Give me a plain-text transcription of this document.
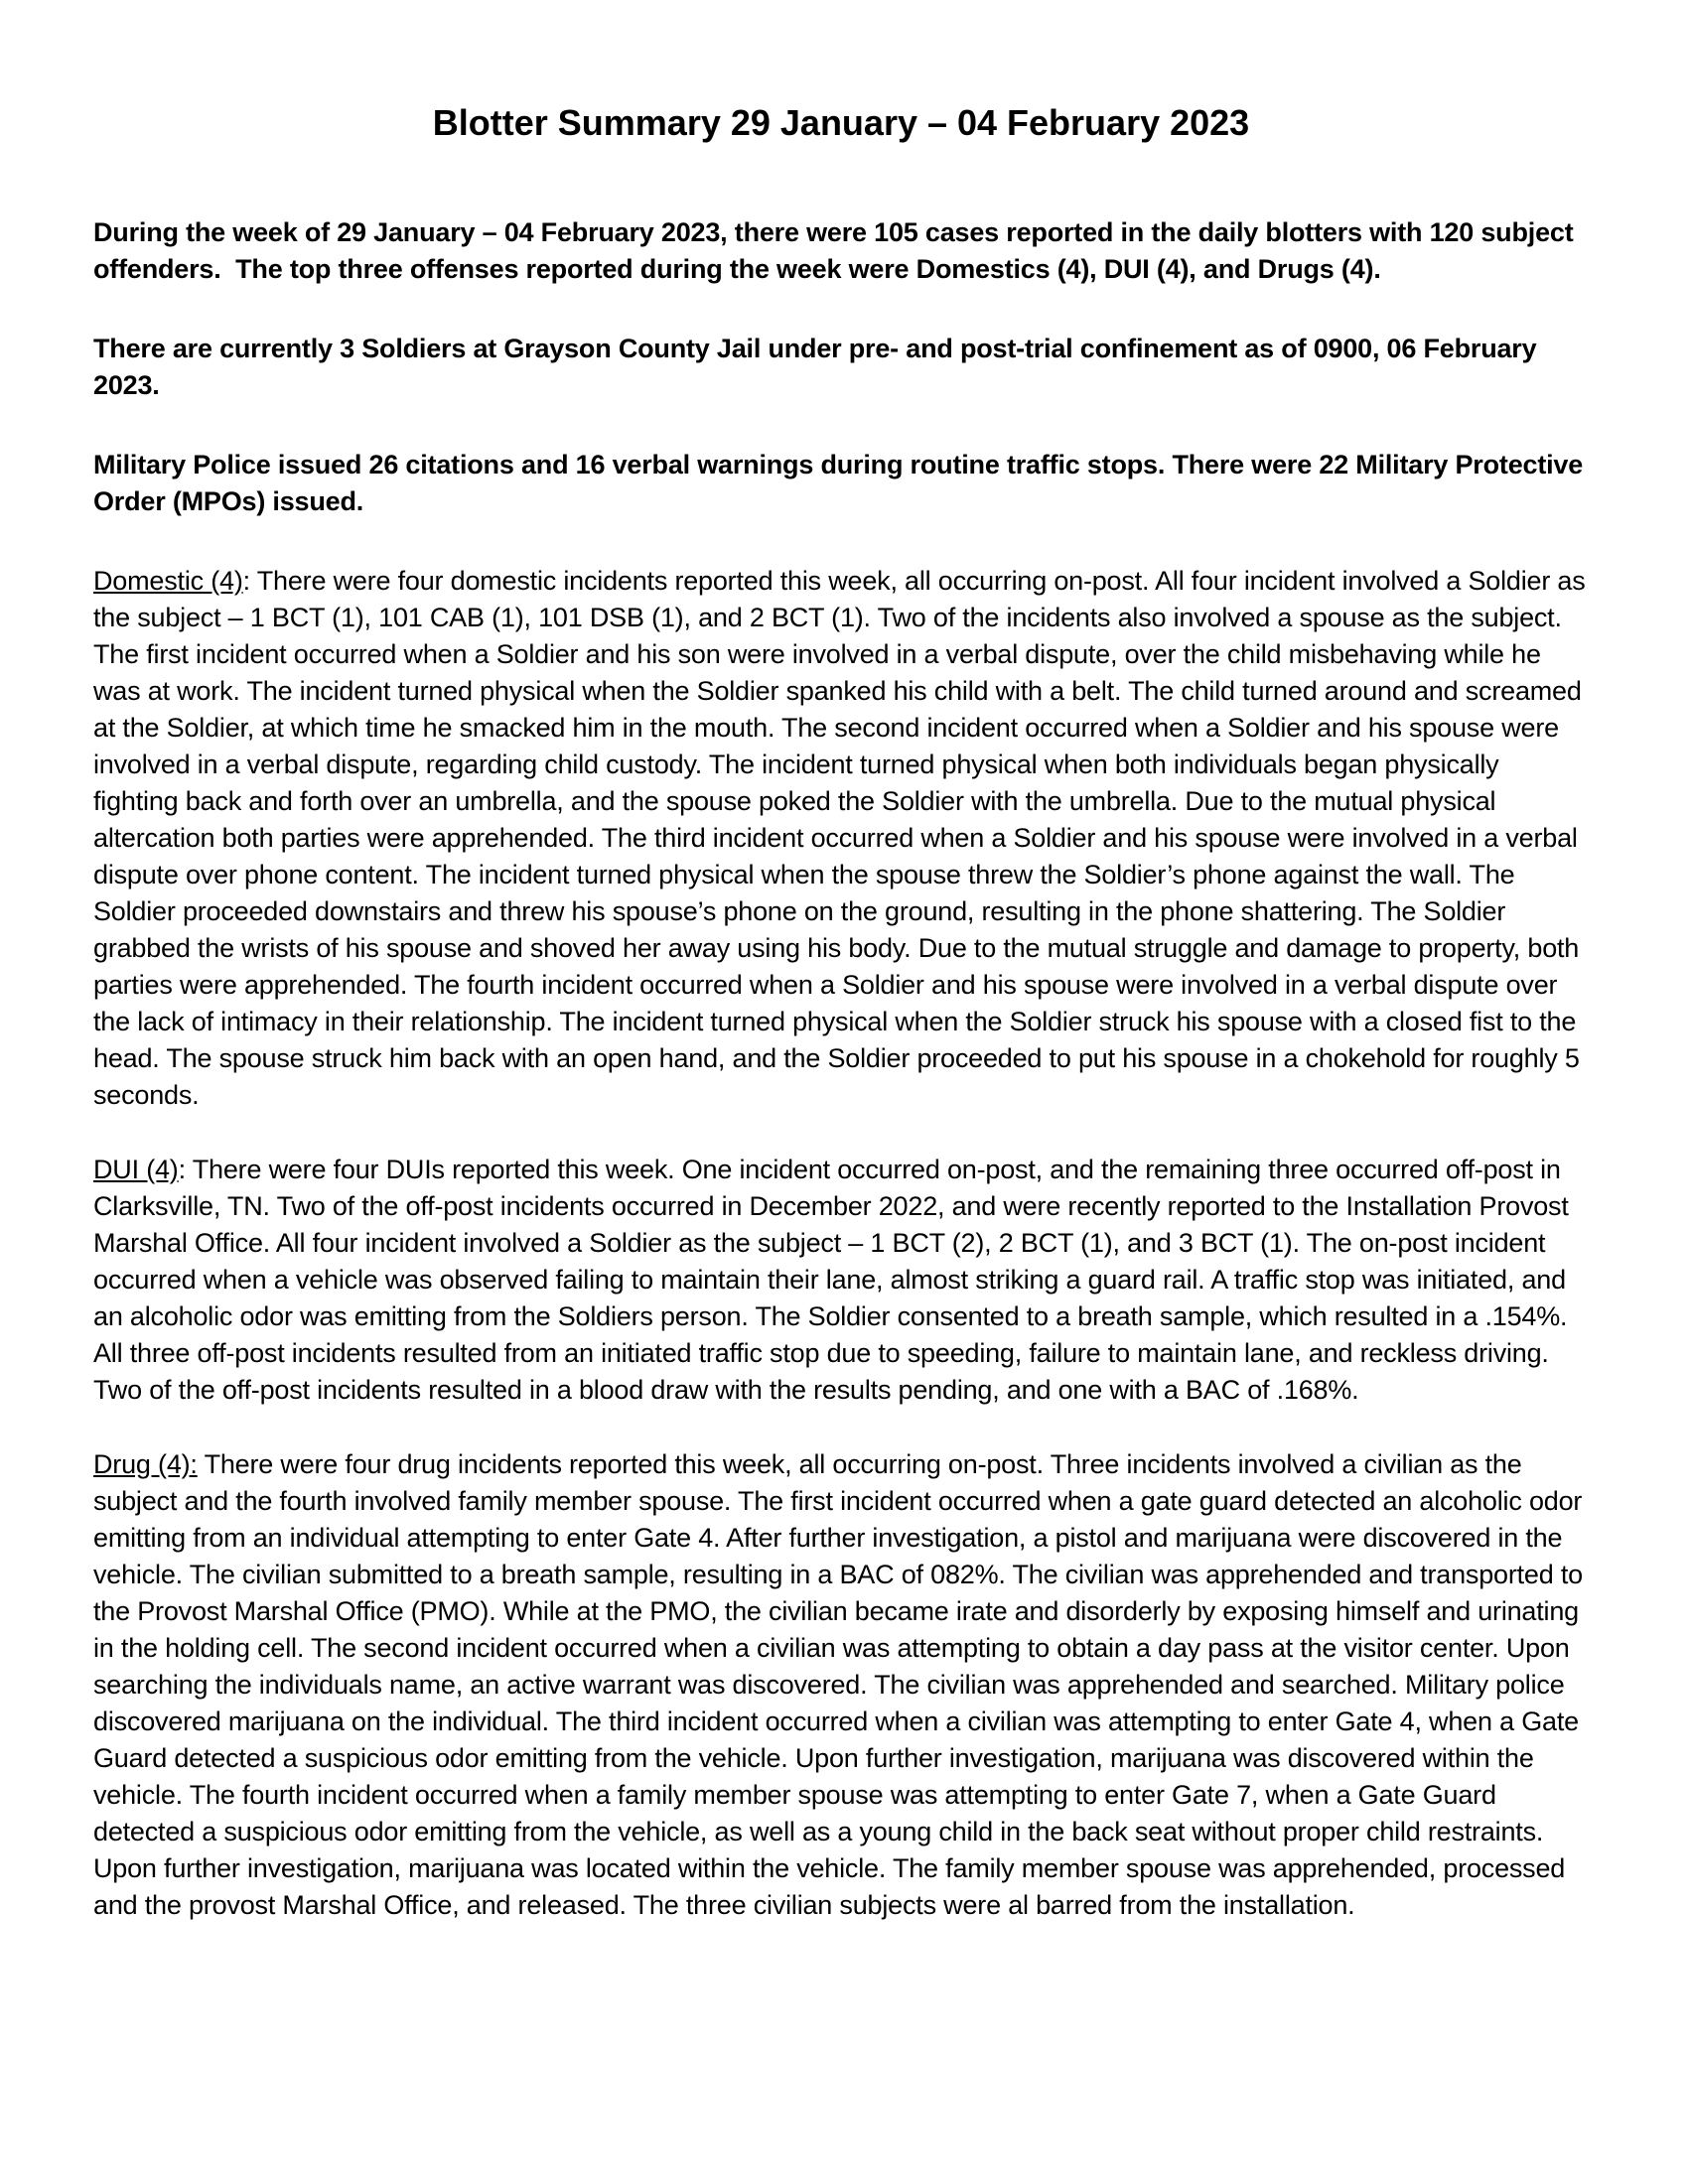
Blotter Summary 29 January – 04 February 2023

During the week of 29 January – 04 February 2023, there were 105 cases reported in the daily blotters with 120 subject offenders.  The top three offenses reported during the week were Domestics (4), DUI (4), and Drugs (4).

There are currently 3 Soldiers at Grayson County Jail under pre- and post-trial confinement as of 0900, 06 February 2023.

Military Police issued 26 citations and 16 verbal warnings during routine traffic stops. There were 22 Military Protective Order (MPOs) issued.

Domestic (4): There were four domestic incidents reported this week, all occurring on-post. All four incident involved a Soldier as the subject – 1 BCT (1), 101 CAB (1), 101 DSB (1), and 2 BCT (1). Two of the incidents also involved a spouse as the subject. The first incident occurred when a Soldier and his son were involved in a verbal dispute, over the child misbehaving while he was at work. The incident turned physical when the Soldier spanked his child with a belt. The child turned around and screamed at the Soldier, at which time he smacked him in the mouth. The second incident occurred when a Soldier and his spouse were involved in a verbal dispute, regarding child custody. The incident turned physical when both individuals began physically fighting back and forth over an umbrella, and the spouse poked the Soldier with the umbrella. Due to the mutual physical altercation both parties were apprehended. The third incident occurred when a Soldier and his spouse were involved in a verbal dispute over phone content. The incident turned physical when the spouse threw the Soldier’s phone against the wall. The Soldier proceeded downstairs and threw his spouse’s phone on the ground, resulting in the phone shattering. The Soldier grabbed the wrists of his spouse and shoved her away using his body. Due to the mutual struggle and damage to property, both parties were apprehended. The fourth incident occurred when a Soldier and his spouse were involved in a verbal dispute over the lack of intimacy in their relationship. The incident turned physical when the Soldier struck his spouse with a closed fist to the head. The spouse struck him back with an open hand, and the Soldier proceeded to put his spouse in a chokehold for roughly 5 seconds.

DUI (4): There were four DUIs reported this week. One incident occurred on-post, and the remaining three occurred off-post in Clarksville, TN. Two of the off-post incidents occurred in December 2022, and were recently reported to the Installation Provost Marshal Office. All four incident involved a Soldier as the subject – 1 BCT (2), 2 BCT (1), and 3 BCT (1). The on-post incident occurred when a vehicle was observed failing to maintain their lane, almost striking a guard rail. A traffic stop was initiated, and an alcoholic odor was emitting from the Soldiers person. The Soldier consented to a breath sample, which resulted in a .154%. All three off-post incidents resulted from an initiated traffic stop due to speeding, failure to maintain lane, and reckless driving. Two of the off-post incidents resulted in a blood draw with the results pending, and one with a BAC of .168%.

Drug (4): There were four drug incidents reported this week, all occurring on-post. Three incidents involved a civilian as the subject and the fourth involved family member spouse. The first incident occurred when a gate guard detected an alcoholic odor emitting from an individual attempting to enter Gate 4. After further investigation, a pistol and marijuana were discovered in the vehicle. The civilian submitted to a breath sample, resulting in a BAC of 082%. The civilian was apprehended and transported to the Provost Marshal Office (PMO). While at the PMO, the civilian became irate and disorderly by exposing himself and urinating in the holding cell. The second incident occurred when a civilian was attempting to obtain a day pass at the visitor center. Upon searching the individuals name, an active warrant was discovered. The civilian was apprehended and searched. Military police discovered marijuana on the individual. The third incident occurred when a civilian was attempting to enter Gate 4, when a Gate Guard detected a suspicious odor emitting from the vehicle. Upon further investigation, marijuana was discovered within the vehicle. The fourth incident occurred when a family member spouse was attempting to enter Gate 7, when a Gate Guard detected a suspicious odor emitting from the vehicle, as well as a young child in the back seat without proper child restraints. Upon further investigation, marijuana was located within the vehicle. The family member spouse was apprehended, processed and the provost Marshal Office, and released. The three civilian subjects were al barred from the installation.
